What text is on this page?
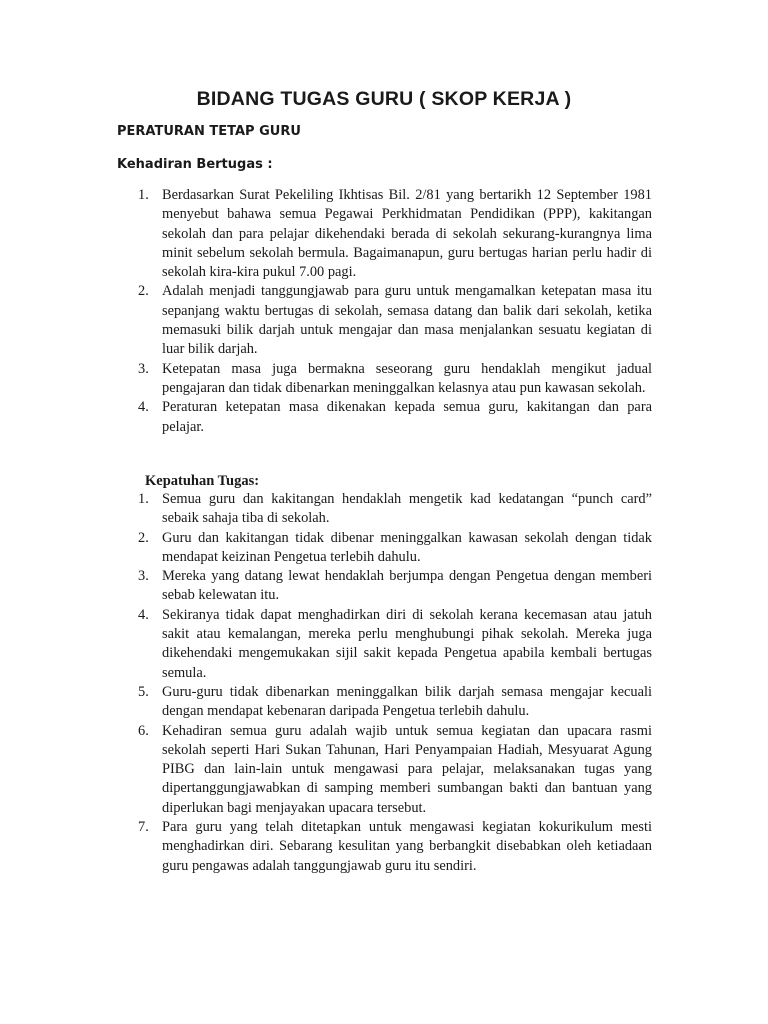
BIDANG TUGAS GURU ( SKOP KERJA )
PERATURAN TETAP GURU
Kehadiran Bertugas :
1. Berdasarkan Surat Pekeliling Ikhtisas Bil. 2/81 yang bertarikh 12 September 1981 menyebut bahawa semua Pegawai Perkhidmatan Pendidikan (PPP), kakitangan sekolah dan para pelajar dikehendaki berada di sekolah sekurang-kurangnya lima minit sebelum sekolah bermula. Bagaimanapun, guru bertugas harian perlu hadir di sekolah kira-kira pukul 7.00 pagi.
2. Adalah menjadi tanggungjawab para guru untuk mengamalkan ketepatan masa itu sepanjang waktu bertugas di sekolah, semasa datang dan balik dari sekolah, ketika memasuki bilik darjah untuk mengajar dan masa menjalankan sesuatu kegiatan di luar bilik darjah.
3. Ketepatan masa juga bermakna seseorang guru hendaklah mengikut jadual pengajaran dan tidak dibenarkan meninggalkan kelasnya atau pun kawasan sekolah.
4. Peraturan ketepatan masa dikenakan kepada semua guru, kakitangan dan para pelajar.
Kepatuhan Tugas:
1. Semua guru dan kakitangan hendaklah mengetik kad kedatangan “punch card” sebaik sahaja tiba di sekolah.
2. Guru dan kakitangan tidak dibenar meninggalkan kawasan sekolah dengan tidak mendapat keizinan Pengetua terlebih dahulu.
3. Mereka yang datang lewat hendaklah berjumpa dengan Pengetua dengan memberi sebab kelewatan itu.
4. Sekiranya tidak dapat menghadirkan diri di sekolah kerana kecemasan atau jatuh sakit atau kemalangan, mereka perlu menghubungi pihak sekolah. Mereka juga dikehendaki mengemukakan sijil sakit kepada Pengetua apabila kembali bertugas semula.
5. Guru-guru tidak dibenarkan meninggalkan bilik darjah semasa mengajar kecuali dengan mendapat kebenaran daripada Pengetua terlebih dahulu.
6. Kehadiran semua guru adalah wajib untuk semua kegiatan dan upacara rasmi sekolah seperti Hari Sukan Tahunan, Hari Penyampaian Hadiah, Mesyuarat Agung PIBG dan lain-lain untuk mengawasi para pelajar, melaksanakan tugas yang dipertanggungjawabkan di samping memberi sumbangan bakti dan bantuan yang diperlukan bagi menjayakan upacara tersebut.
7. Para guru yang telah ditetapkan untuk mengawasi kegiatan kokurikulum mesti menghadirkan diri. Sebarang kesulitan yang berbangkit disebabkan oleh ketiadaan guru pengawas adalah tanggungjawab guru itu sendiri.
